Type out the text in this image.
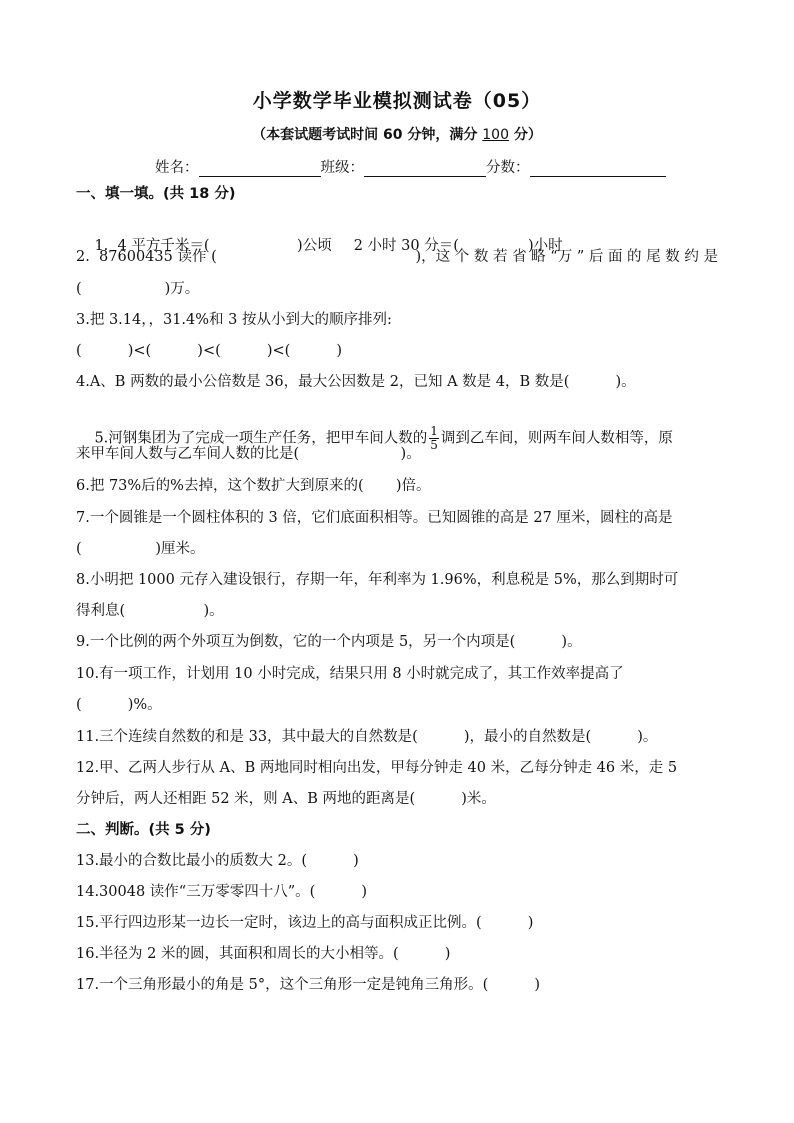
小学数学毕业模拟测试卷（05）
（本套试题考试时间 60 分钟，满分 100 分）
姓名：	班级：	分数：
一、填一填。(共 18 分)

1.  4 平方千米＝(                   )公顷 2 小时 30 分＝(               )小时

2.  87600435 读作 (	)，这 个 数 若 省 略 “万 ” 后 面 的 尾 数 约 是
(                  )万。
3.把 3.14，，31.4%和 3 按从小到大的顺序排列:
(          )<(          )<(          )<(          )
4.A、B 两数的最小公倍数是 36，最大公因数是 2，已知 A 数是 4，B 数是(          )。

5.河钢集团为了完成一项生产任务，把甲车间人数的 $\frac{1}{5}$ 调到乙车间，则两车间人数相等，原

来甲车间人数与乙车间人数的比是(                      )。
6.把 73%后的%去掉，这个数扩大到原来的(       )倍。
7.一个圆锥是一个圆柱体积的 3 倍，它们底面积相等。已知圆锥的高是 27 厘米，圆柱的高是
(                )厘米。
8.小明把 1000 元存入建设银行，存期一年，年利率为 1.96%，利息税是 5%，那么到期时可
得利息(                 )。
9.一个比例的两个外项互为倒数，它的一个内项是 5，另一个内项是(          )。
10.有一项工作，计划用 10 小时完成，结果只用 8 小时就完成了，其工作效率提高了
(          )%。
11.三个连续自然数的和是 33，其中最大的自然数是(          )，最小的自然数是(          )。
12.甲、乙两人步行从 A、B 两地同时相向出发，甲每分钟走 40 米，乙每分钟走 46 米，走 5
分钟后，两人还相距 52 米，则 A、B 两地的距离是(          )米。
二、判断。(共 5 分)
13.最小的合数比最小的质数大 2。(          )
14.30048 读作“三万零零四十八”。(          )
15.平行四边形某一边长一定时，该边上的高与面积成正比例。(          )
16.半径为 2 米的圆，其面积和周长的大小相等。(          )
17.一个三角形最小的角是 5°，这个三角形一定是钝角三角形。(          )
